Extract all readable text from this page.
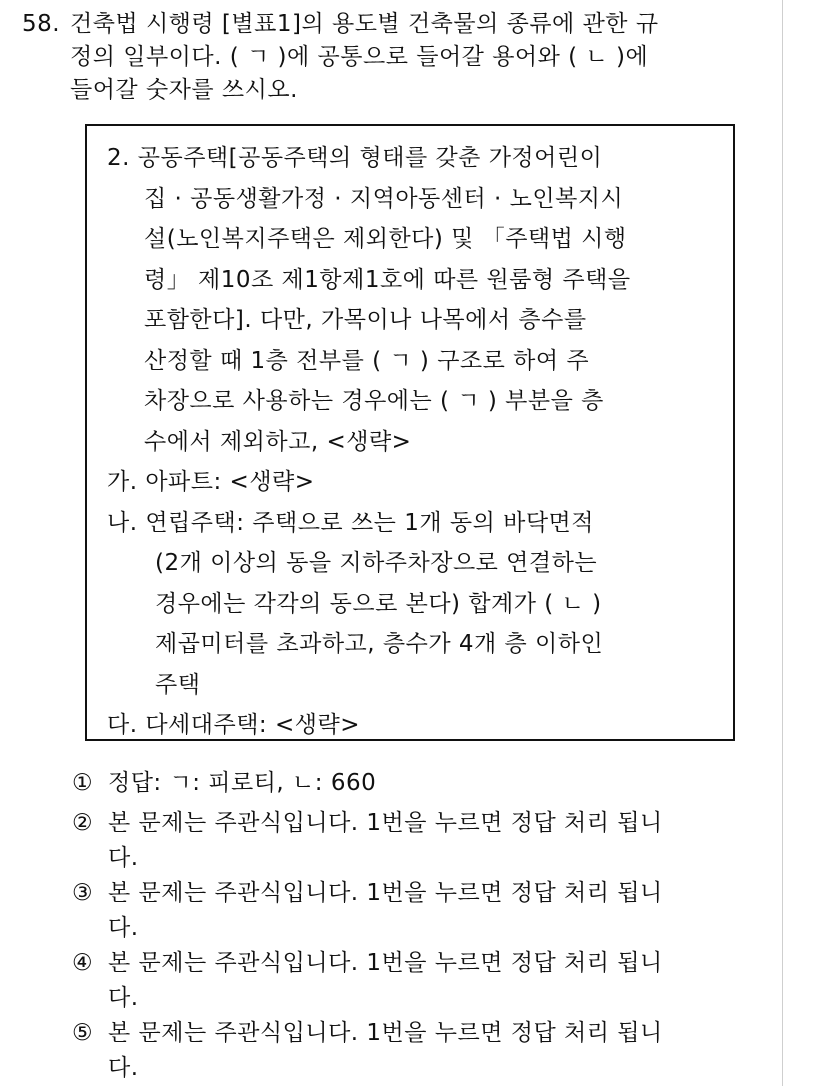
58. 건축법 시행령 [별표1]의 용도별 건축물의 종류에 관한 규
정의 일부이다. ( ㄱ )에 공통으로 들어갈 용어와 ( ㄴ )에
들어갈 숫자를 쓰시오.
2. 공동주택[공동주택의 형태를 갖춘 가정어린이
집 · 공동생활가정 · 지역아동센터 · 노인복지시
설(노인복지주택은 제외한다) 및 「주택법 시행
령」 제10조 제1항제1호에 따른 원룸형 주택을
포함한다]. 다만, 가목이나 나목에서 층수를
산정할 때 1층 전부를 ( ㄱ ) 구조로 하여 주
차장으로 사용하는 경우에는 ( ㄱ ) 부분을 층
수에서 제외하고, <생략>
가. 아파트: <생략>
나. 연립주택: 주택으로 쓰는 1개 동의 바닥면적
(2개 이상의 동을 지하주차장으로 연결하는
경우에는 각각의 동으로 본다) 합계가 ( ㄴ )
제곱미터를 초과하고, 층수가 4개 층 이하인
주택
다. 다세대주택: <생략>
① 정답: ㄱ: 피로티, ㄴ: 660
② 본 문제는 주관식입니다. 1번을 누르면 정답 처리 됩니
다.
③ 본 문제는 주관식입니다. 1번을 누르면 정답 처리 됩니
다.
④ 본 문제는 주관식입니다. 1번을 누르면 정답 처리 됩니
다.
⑤ 본 문제는 주관식입니다. 1번을 누르면 정답 처리 됩니
다.
